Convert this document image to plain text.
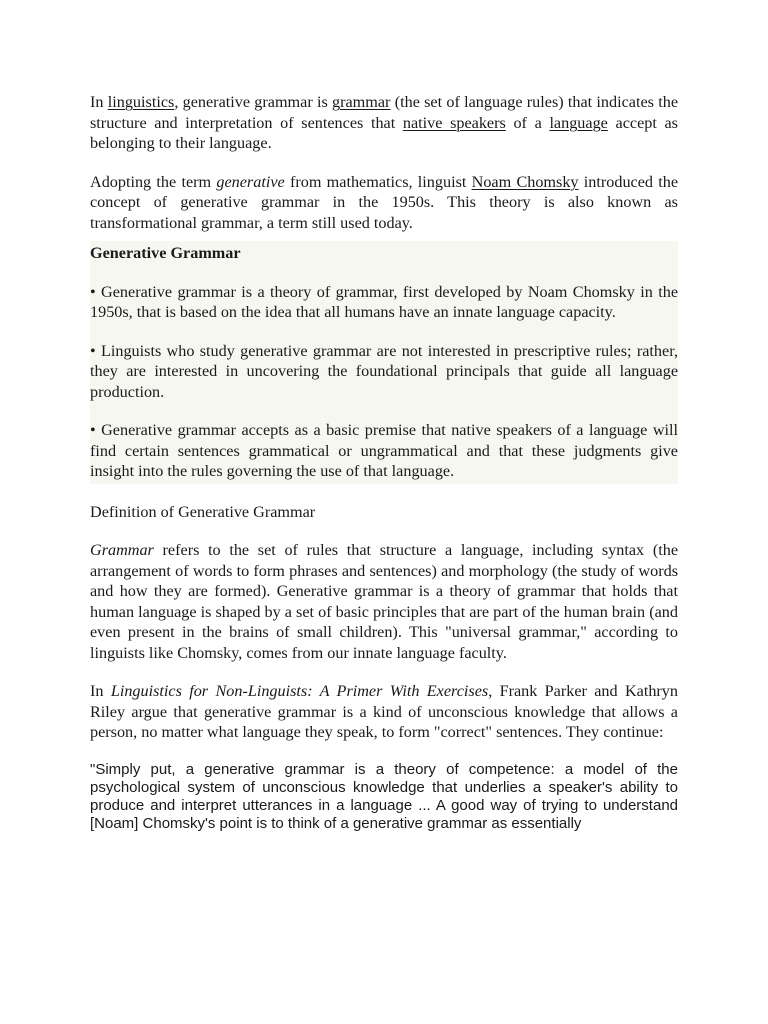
In linguistics, generative grammar is grammar (the set of language rules) that indicates the structure and interpretation of sentences that native speakers of a language accept as belonging to their language.

Adopting the term generative from mathematics, linguist Noam Chomsky introduced the concept of generative grammar in the 1950s. This theory is also known as transformational grammar, a term still used today.

Generative Grammar

• Generative grammar is a theory of grammar, first developed by Noam Chomsky in the 1950s, that is based on the idea that all humans have an innate language capacity.

• Linguists who study generative grammar are not interested in prescriptive rules; rather, they are interested in uncovering the foundational principals that guide all language production.

• Generative grammar accepts as a basic premise that native speakers of a language will find certain sentences grammatical or ungrammatical and that these judgments give insight into the rules governing the use of that language.

Definition of Generative Grammar

Grammar refers to the set of rules that structure a language, including syntax (the arrangement of words to form phrases and sentences) and morphology (the study of words and how they are formed). Generative grammar is a theory of grammar that holds that human language is shaped by a set of basic principles that are part of the human brain (and even present in the brains of small children). This "universal grammar," according to linguists like Chomsky, comes from our innate language faculty.

In Linguistics for Non-Linguists: A Primer With Exercises, Frank Parker and Kathryn Riley argue that generative grammar is a kind of unconscious knowledge that allows a person, no matter what language they speak, to form "correct" sentences. They continue:

"Simply put, a generative grammar is a theory of competence: a model of the psychological system of unconscious knowledge that underlies a speaker's ability to produce and interpret utterances in a language ... A good way of trying to understand [Noam] Chomsky's point is to think of a generative grammar as essentially
